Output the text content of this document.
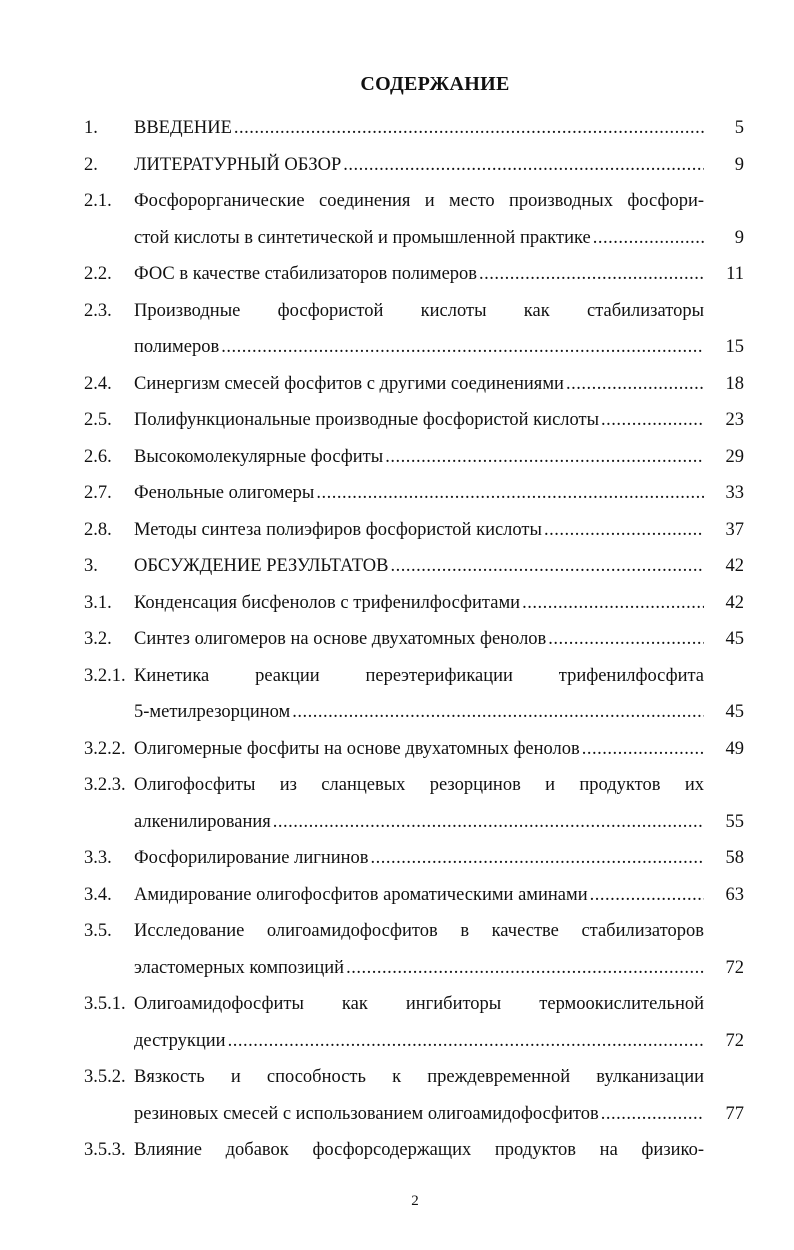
СОДЕРЖАНИЕ
1.	ВВЕДЕНИЕ .....	5
2.	ЛИТЕРАТУРНЫЙ ОБЗОР .....	9
2.1.	Фосфорорганические соединения и место производных фосфори-
стой кислоты в синтетической и промышленной практике .....	9
2.2.	ФОС в качестве стабилизаторов полимеров .....	11
2.3.	Производные фосфористой кислоты как стабилизаторы
полимеров .....	15
2.4.	Синергизм смесей фосфитов с другими соединениями .....	18
2.5.	Полифункциональные производные фосфористой кислоты .....	23
2.6.	Высокомолекулярные фосфиты .....	29
2.7.	Фенольные олигомеры .....	33
2.8.	Методы синтеза полиэфиров фосфористой кислоты .....	37
3.	ОБСУЖДЕНИЕ РЕЗУЛЬТАТОВ .....	42
3.1.	Конденсация бисфенолов с трифенилфосфитами .....	42
3.2.	Синтез олигомеров на основе двухатомных фенолов .....	45
3.2.1. Кинетика реакции переэтерификации трифенилфосфита
5-метилрезорцином .....	45
3.2.2. Олигомерные фосфиты на основе двухатомных фенолов .....	49
3.2.3. Олигофосфиты из сланцевых резорцинов и продуктов их
алкенилирования .....	55
3.3.	Фосфорилирование лигнинов .....	58
3.4.	Амидирование олигофосфитов ароматическими аминами .....	63
3.5.	Исследование олигоамидофосфитов в качестве стабилизаторов
эластомерных композиций .....	72
3.5.1. Олигоамидофосфиты как ингибиторы термоокислительной
деструкции .....	72
3.5.2. Вязкость и способность к преждевременной вулканизации
резиновых смесей с использованием олигоамидофосфитов .....	77
3.5.3. Влияние добавок фосфорсодержащих продуктов на физико-
2
